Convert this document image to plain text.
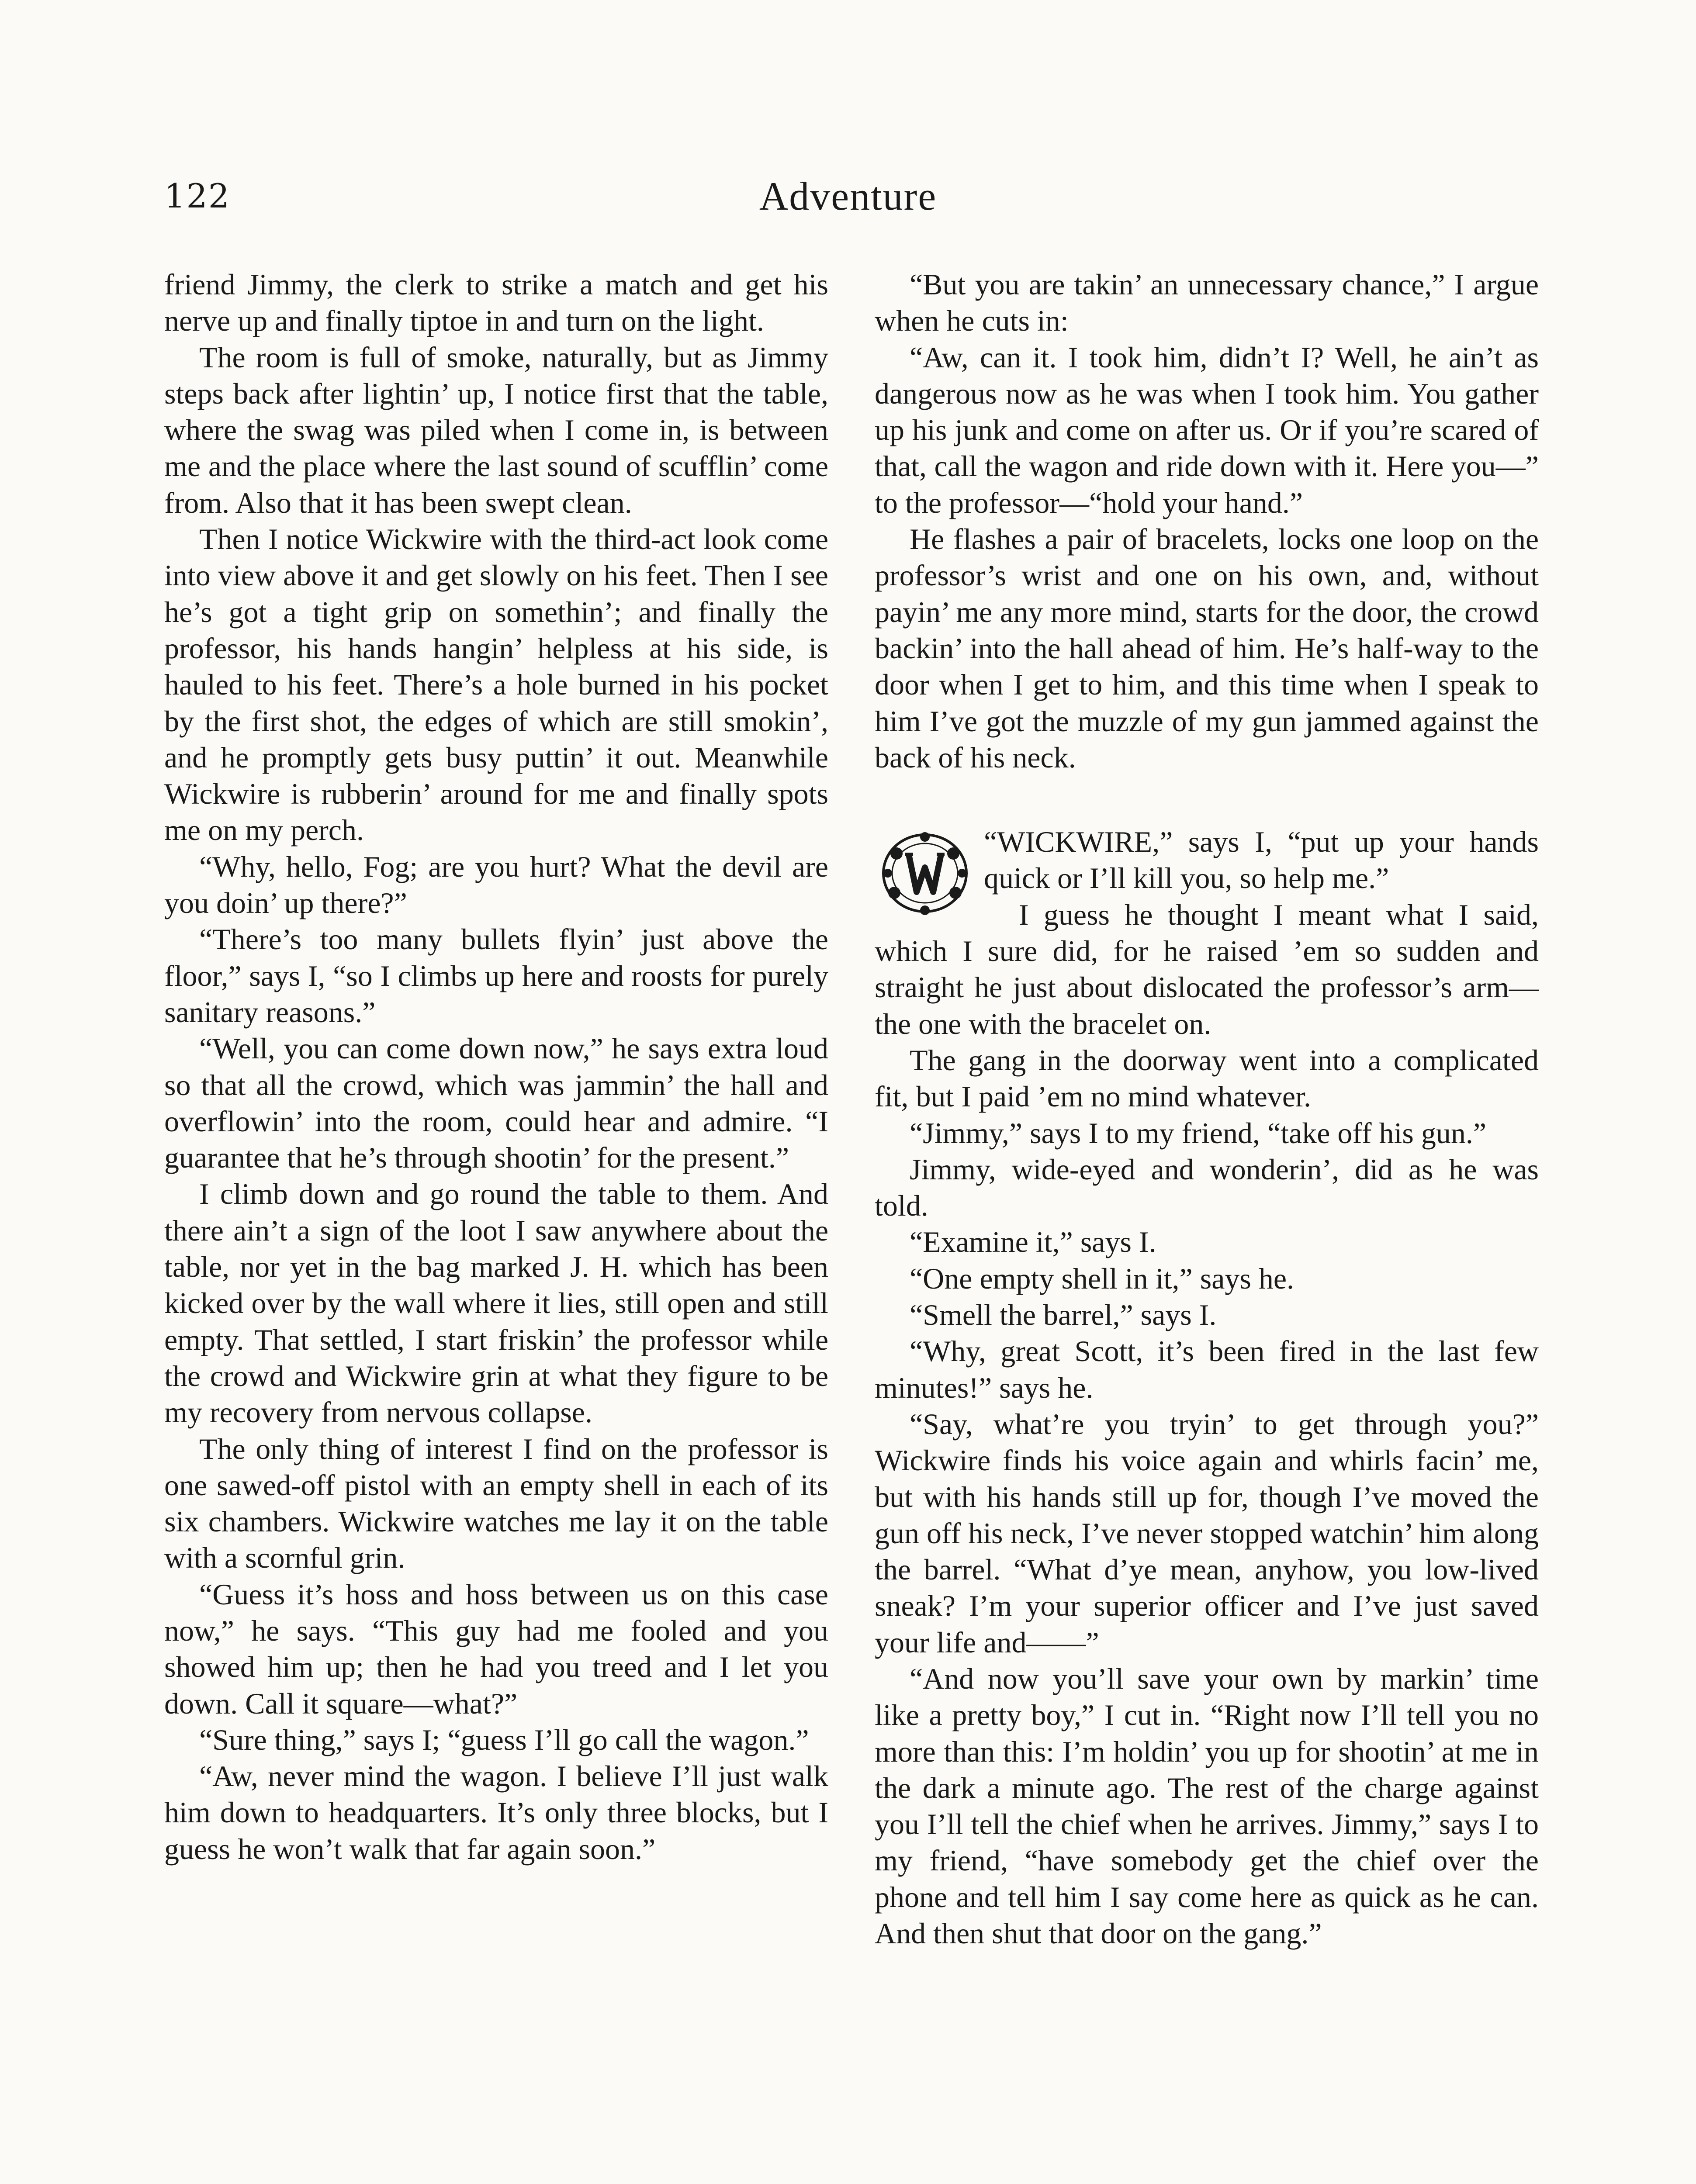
122	Adventure

friend Jimmy, the clerk to strike a match and get his nerve up and finally tiptoe in and turn on the light.

The room is full of smoke, naturally, but as Jimmy steps back after lightin’ up, I notice first that the table, where the swag was piled when I come in, is between me and the place where the last sound of scufflin’ come from. Also that it has been swept clean.

Then I notice Wickwire with the third-act look come into view above it and get slowly on his feet. Then I see he’s got a tight grip on somethin’; and finally the professor, his hands hangin’ helpless at his side, is hauled to his feet. There’s a hole burned in his pocket by the first shot, the edges of which are still smokin’, and he promptly gets busy puttin’ it out. Meanwhile Wickwire is rubberin’ around for me and finally spots me on my perch.

“Why, hello, Fog; are you hurt? What the devil are you doin’ up there?”

“There’s too many bullets flyin’ just above the floor,” says I, “so I climbs up here and roosts for purely sanitary reasons.”

“Well, you can come down now,” he says extra loud so that all the crowd, which was jammin’ the hall and overflowin’ into the room, could hear and admire. “I guarantee that he’s through shootin’ for the present.”

I climb down and go round the table to them. And there ain’t a sign of the loot I saw anywhere about the table, nor yet in the bag marked J. H. which has been kicked over by the wall where it lies, still open and still empty. That settled, I start friskin’ the professor while the crowd and Wickwire grin at what they figure to be my recovery from nervous collapse.

The only thing of interest I find on the professor is one sawed-off pistol with an empty shell in each of its six chambers. Wickwire watches me lay it on the table with a scornful grin.

“Guess it’s hoss and hoss between us on this case now,” he says. “This guy had me fooled and you showed him up; then he had you treed and I let you down. Call it square—what?”

“Sure thing,” says I; “guess I’ll go call the wagon.”

“Aw, never mind the wagon. I believe I’ll just walk him down to headquarters. It’s only three blocks, but I guess he won’t walk that far again soon.”

“But you are takin’ an unnecessary chance,” I argue when he cuts in:

“Aw, can it. I took him, didn’t I? Well, he ain’t as dangerous now as he was when I took him. You gather up his junk and come on after us. Or if you’re scared of that, call the wagon and ride down with it. Here you—” to the professor—“hold your hand.”

He flashes a pair of bracelets, locks one loop on the professor’s wrist and one on his own, and, without payin’ me any more mind, starts for the door, the crowd backin’ into the hall ahead of him. He’s half-way to the door when I get to him, and this time when I speak to him I’ve got the muzzle of my gun jammed against the back of his neck.

“WICKWIRE,” says I, “put up your hands quick or I’ll kill you, so help me.”

I guess he thought I meant what I said, which I sure did, for he raised ’em so sudden and straight he just about dislocated the professor’s arm—the one with the bracelet on.

The gang in the doorway went into a complicated fit, but I paid ’em no mind whatever.

“Jimmy,” says I to my friend, “take off his gun.”

Jimmy, wide-eyed and wonderin’, did as he was told.

“Examine it,” says I.

“One empty shell in it,” says he.

“Smell the barrel,” says I.

“Why, great Scott, it’s been fired in the last few minutes!” says he.

“Say, what’re you tryin’ to get through you?” Wickwire finds his voice again and whirls facin’ me, but with his hands still up for, though I’ve moved the gun off his neck, I’ve never stopped watchin’ him along the barrel. “What d’ye mean, anyhow, you low-lived sneak? I’m your superior officer and I’ve just saved your life and——”

“And now you’ll save your own by markin’ time like a pretty boy,” I cut in. “Right now I’ll tell you no more than this: I’m holdin’ you up for shootin’ at me in the dark a minute ago. The rest of the charge against you I’ll tell the chief when he arrives. Jimmy,” says I to my friend, “have somebody get the chief over the phone and tell him I say come here as quick as he can. And then shut that door on the gang.”
